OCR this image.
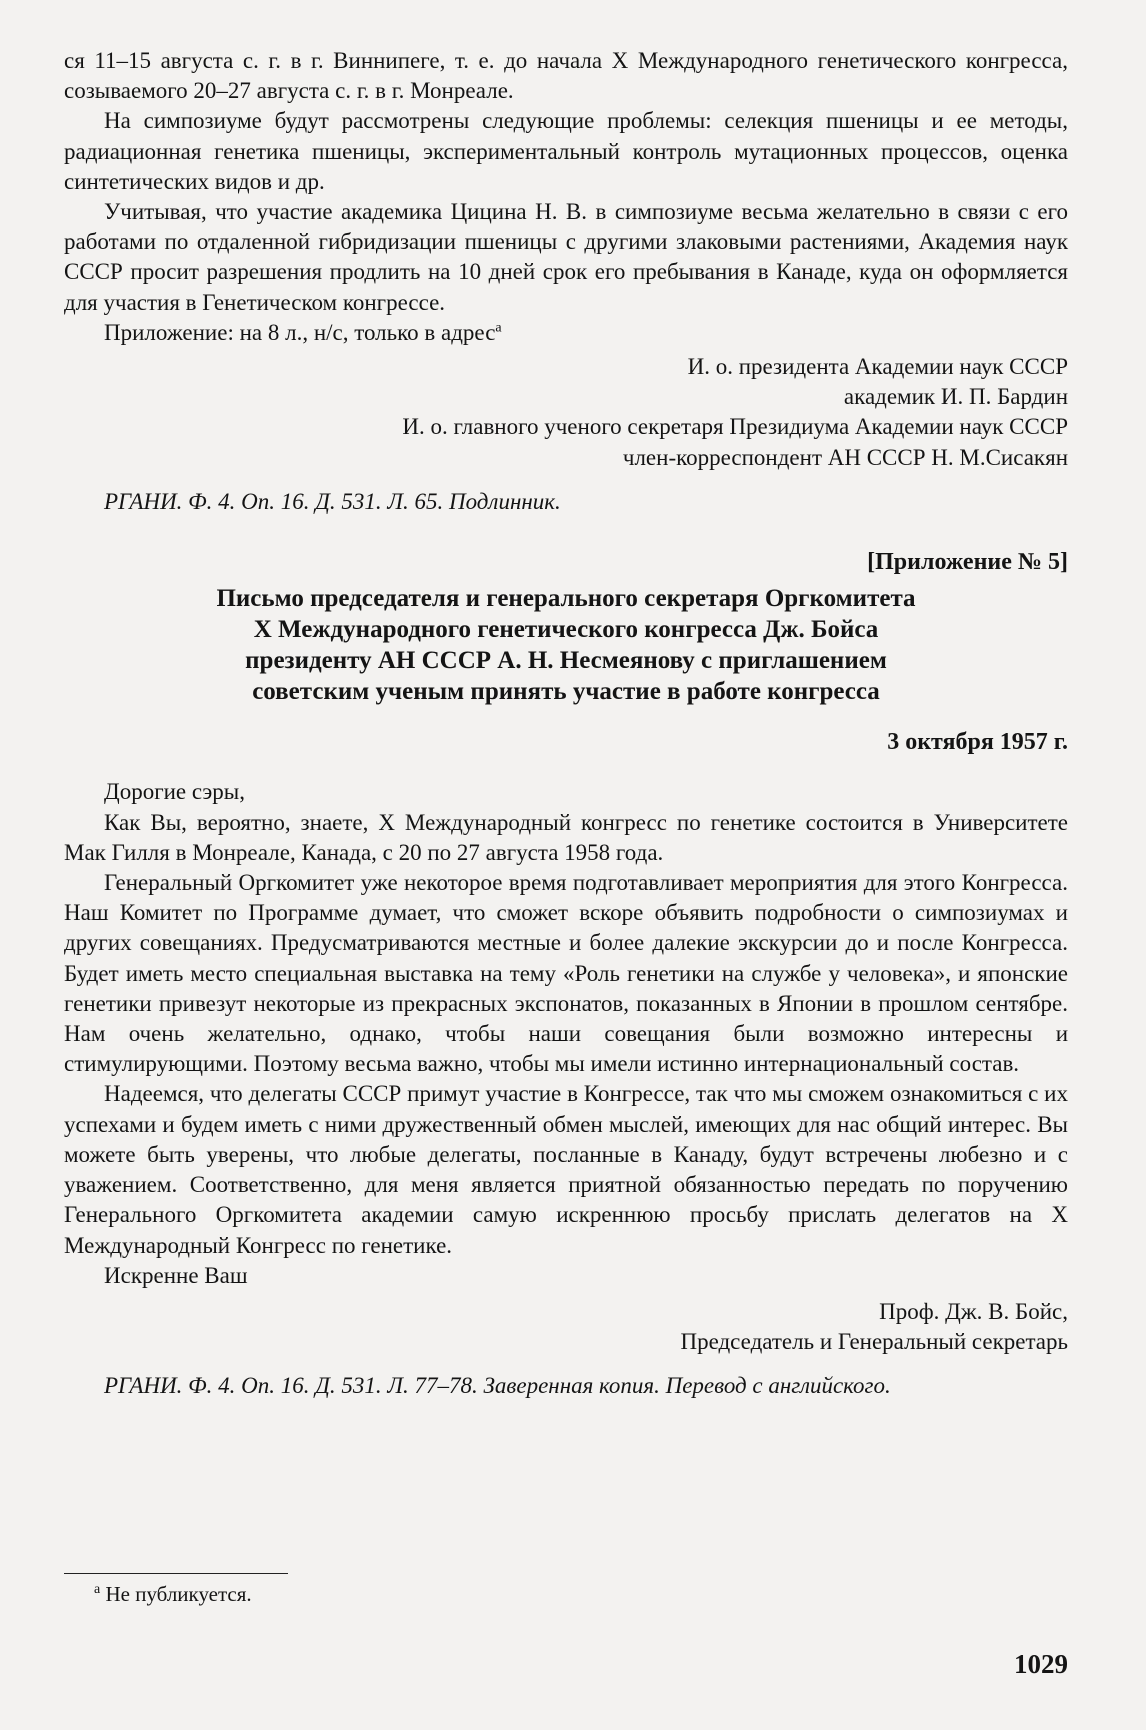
ся 11–15 августа с. г. в г. Виннипеге, т. е. до начала X Международного генетического конгресса, созываемого 20–27 августа с. г. в г. Монреале.

На симпозиуме будут рассмотрены следующие проблемы: селекция пшеницы и ее методы, радиационная генетика пшеницы, экспериментальный контроль мутационных процессов, оценка синтетических видов и др.

Учитывая, что участие академика Цицина Н. В. в симпозиуме весьма желательно в связи с его работами по отдаленной гибридизации пшеницы с другими злаковыми растениями, Академия наук СССР просит разрешения продлить на 10 дней срок его пребывания в Канаде, куда он оформляется для участия в Генетическом конгрессе.

Приложение: на 8 л., н/с, только в адрес$^а$

И. о. президента Академии наук СССР

академик И. П. Бардин

И. о. главного ученого секретаря Президиума Академии наук СССР

член-корреспондент АН СССР Н. М.Сисакян

РГАНИ. Ф. 4. Оп. 16. Д. 531. Л. 65. Подлинник.

[Приложение № 5]

Письмо председателя и генерального секретаря Оргкомитета

X Международного генетического конгресса Дж. Бойса

президенту АН СССР А. Н. Несмеянову с приглашением

советским ученым принять участие в работе конгресса

3 октября 1957 г.

Дорогие сэры,

Как Вы, вероятно, знаете, X Международный конгресс по генетике состоится в Университете Мак Гилля в Монреале, Канада, с 20 по 27 августа 1958 года.

Генеральный Оргкомитет уже некоторое время подготавливает мероприятия для этого Конгресса. Наш Комитет по Программе думает, что сможет вскоре объявить подробности о симпозиумах и других совещаниях. Предусматриваются местные и более далекие экскурсии до и после Конгресса. Будет иметь место специальная выставка на тему «Роль генетики на службе у человека», и японские генетики привезут некоторые из прекрасных экспонатов, показанных в Японии в прошлом сентябре. Нам очень желательно, однако, чтобы наши совещания были возможно интересны и стимулирующими. Поэтому весьма важно, чтобы мы имели истинно интернациональный состав.

Надеемся, что делегаты СССР примут участие в Конгрессе, так что мы сможем ознакомиться с их успехами и будем иметь с ними дружественный обмен мыслей, имеющих для нас общий интерес. Вы можете быть уверены, что любые делегаты, посланные в Канаду, будут встречены любезно и с уважением. Соответственно, для меня является приятной обязанностью передать по поручению Генерального Оргкомитета академии самую искреннюю просьбу прислать делегатов на X Международный Конгресс по генетике.

Искренне Ваш

Проф. Дж. В. Бойс,

Председатель и Генеральный секретарь

РГАНИ. Ф. 4. Оп. 16. Д. 531. Л. 77–78. Заверенная копия. Перевод с английского.

$^а$ Не публикуется.

1029
